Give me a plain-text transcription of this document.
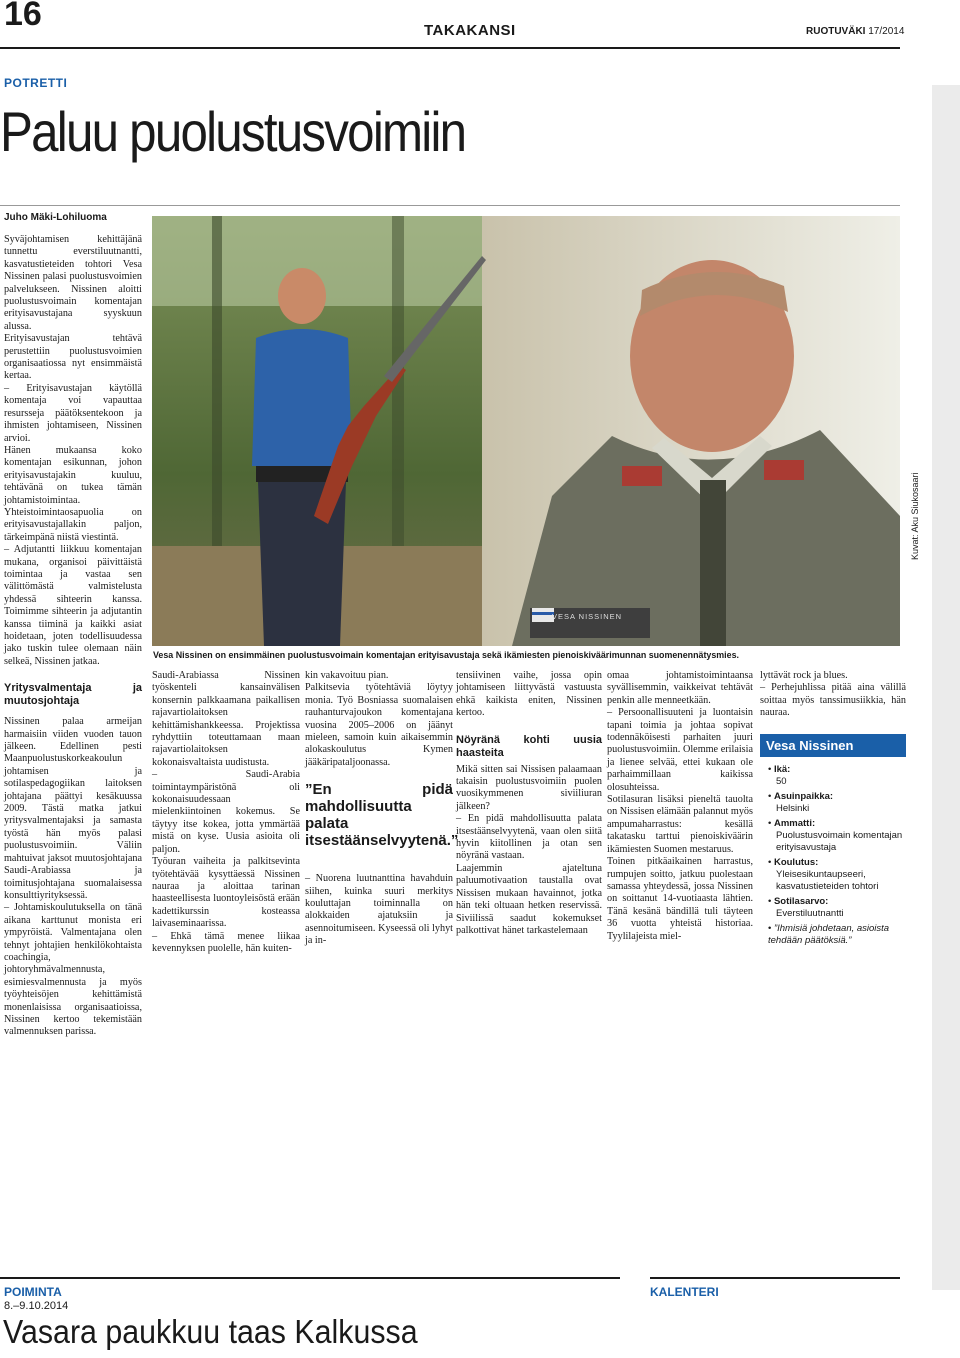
16	TAKAKANSI	RUOTUVÄKI 17/2014
POTRETTI
Paluu puolustusvoimiin
Juho Mäki-Lohiluoma

Syväjohtamisen kehittäjänä tunnettu everstiluutnantti, kasvatustieteiden tohtori Vesa Nissinen palasi puolustusvoimien palvelukseen. Nissinen aloitti puolustusvoimain komentajan erityisavustajana syyskuun alussa.

Erityisavustajan tehtävä perustettiin puolustusvoimien organisaatiossa nyt ensimmäistä kertaa.

– Erityisavustajan käytöllä komentaja voi vapauttaa resursseja päätöksentekoon ja ihmisten johtamiseen, Nissinen arvioi.

Hänen mukaansa koko komentajan esikunnan, johon erityisavustajakin kuuluu, tehtävänä on tukea tämän johtamistoimintaa. Yhteistoimintaosapuolia on erityisavustajallakin paljon, tärkeimpänä niistä viestintä.

– Adjutantti liikkuu komentajan mukana, organisoi päivittäistä toimintaa ja vastaa sen välittömästä valmistelusta yhdessä sihteerin kanssa. Toimimme sihteerin ja adjutantin kanssa tiiminä ja kaikki asiat hoidetaan, joten todellisuudessa jako tuskin tulee olemaan näin selkeä, Nissinen jatkaa.

Yritysvalmentaja ja muutosjohtaja

Nissinen palaa armeijan harmaisiin viiden vuoden tauon jälkeen. Edellinen pesti Maanpuolustuskorkeakoulun johtamisen ja sotilaspedagogiikan laitoksen johtajana päättyi kesäkuussa 2009. Tästä matka jatkui yritysvalmentajaksi ja samasta työstä hän myös palasi puolustusvoimiin. Väliin mahtuivat jaksot muutosjohtajana Saudi-Arabiassa ja toimitusjohtajana suomalaisessa konsulttiyrityksessä.

– Johtamiskoulutuksella on tänä aikana karttunut monista eri ympyröistä. Valmentajana olen tehnyt johtajien henkilökohtaista coachingia, johtoryhmävalmennusta, esimiesvalmennusta ja myös työyhteisöjen kehittämistä monenlaisissa organisaatioissa, Nissinen kertoo tekemistään valmennuksen parissa.

VESA NISSINEN
Kuvat: Aku Siukosaari
Vesa Nissinen on ensimmäinen puolustusvoimain komentajan erityisavustaja sekä ikämiesten pienoiskiväärimunnan suomenennätysmies.

Saudi-Arabiassa Nissinen työskenteli kansainvälisen konsernin palkkaamana paikallisen rajavartiolaitoksen kehittämishankkeessa. Projektissa ryhdyttiin toteuttamaan maan rajavartiolaitoksen kokonaisvaltaista uudistusta.

– Saudi-Arabia toimintaympäristönä oli kokonaisuudessaan mielenkiintoinen kokemus. Se täytyy itse kokea, jotta ymmärtää mistä on kyse. Uusia asioita oli paljon.

Työuran vaiheita ja palkitsevinta työtehtävää kysyttäessä Nissinen nauraa ja aloittaa tarinan haasteellisesta luontoyleisöstä erään kadettikurssin kosteassa laivaseminaarissa.

– Ehkä tämä menee liikaa kevennyksen puolelle, hän kuiten-

kin vakavoituu pian.

Palkitsevia työtehtäviä löytyy monia. Työ Bosniassa suomalaisen rauhanturvajoukon komentajana vuosina 2005–2006 on jäänyt mieleen, samoin kuin aikaisemmin alokaskoulutus Kymen jääkäripataljoonassa.

”En pidä mahdollisuutta palata itsestäänselvyytenä.”

– Nuorena luutnanttina havahduin siihen, kuinka suuri merkitys kouluttajan toiminnalla on alokkaiden ajatuksiin ja asennoitumiseen. Kyseessä oli lyhyt ja in-

tensiivinen vaihe, jossa opin johtamiseen liittyvästä vastuusta ehkä kaikista eniten, Nissinen kertoo.

Nöyränä kohti uusia haasteita

Mikä sitten sai Nissisen palaamaan takaisin puolustusvoimiin puolen vuosikymmenen siviiliuran jälkeen?

– En pidä mahdollisuutta palata itsestäänselvyytenä, vaan olen siitä hyvin kiitollinen ja otan sen nöyränä vastaan.

Laajemmin ajateltuna paluumotivaation taustalla ovat Nissisen mukaan havainnot, jotka hän teki oltuaan hetken reservissä. Siviilissä saadut kokemukset palkottivat hänet tarkastelemaan

omaa johtamistoimintaansa syvällisemmin, vaikkeivat tehtävät penkin alle menneetkään.

– Persoonallisuuteni ja luontaisin tapani toimia ja johtaa sopivat todennäköisesti parhaiten juuri puolustusvoimiin. Olemme erilaisia ja lienee selvää, ettei kukaan ole parhaimmillaan kaikissa olosuhteissa.

Sotilasuran lisäksi pieneltä tauolta on Nissisen elämään palannut myös ampumaharrastus: kesällä takatasku tarttui pienoiskiväärin ikämiesten Suomen mestaruus.

Toinen pitkäaikainen harrastus, rumpujen soitto, jatkuu puolestaan samassa yhteydessä, jossa Nissinen on soittanut 14-vuotiaasta lähtien. Tänä kesänä bändillä tuli täyteen 36 vuotta yhteistä historiaa. Tyylilajeista miel-

lyttävät rock ja blues.

– Perhejuhlissa pitää aina välillä soittaa myös tanssimusiikkia, hän nauraa.

Vesa Nissinen
• Ikä:
50
• Asuinpaikka:
Helsinki
• Ammatti:

Puolustusvoimain komentajan erityisavustaja
• Koulutus:

Yleisesikuntaupseeri, kasvatustieteiden tohtori
• Sotilasarvo:
Everstiluutnantti
• ”Ihmisiä johdetaan, asioista tehdään päätöksiä.”
POIMINTA
8.–9.10.2014
Vasara paukkuu taas Kalkussa
KALENTERI
